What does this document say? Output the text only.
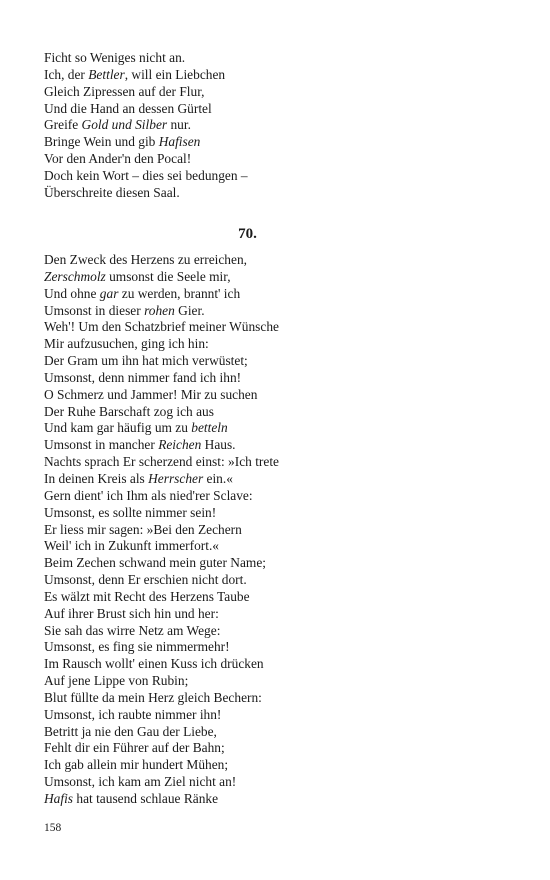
Ficht so Weniges nicht an.
Ich, der Bettler, will ein Liebchen
Gleich Zipressen auf der Flur,
Und die Hand an dessen Gürtel
Greife Gold und Silber nur.
Bringe Wein und gib Hafisen
Vor den Ander'n den Pocal!
Doch kein Wort – dies sei bedungen –
Überschreite diesen Saal.
70.
Den Zweck des Herzens zu erreichen,
Zerschmolz umsonst die Seele mir,
Und ohne gar zu werden, brannt' ich
Umsonst in dieser rohen Gier.
Weh'! Um den Schatzbrief meiner Wünsche
Mir aufzusuchen, ging ich hin:
Der Gram um ihn hat mich verwüstet;
Umsonst, denn nimmer fand ich ihn!
O Schmerz und Jammer! Mir zu suchen
Der Ruhe Barschaft zog ich aus
Und kam gar häufig um zu betteln
Umsonst in mancher Reichen Haus.
Nachts sprach Er scherzend einst: »Ich trete
In deinen Kreis als Herrscher ein.«
Gern dient' ich Ihm als nied'rer Sclave:
Umsonst, es sollte nimmer sein!
Er liess mir sagen: »Bei den Zechern
Weil' ich in Zukunft immerfort.«
Beim Zechen schwand mein guter Name;
Umsonst, denn Er erschien nicht dort.
Es wälzt mit Recht des Herzens Taube
Auf ihrer Brust sich hin und her:
Sie sah das wirre Netz am Wege:
Umsonst, es fing sie nimmermehr!
Im Rausch wollt' einen Kuss ich drücken
Auf jene Lippe von Rubin;
Blut füllte da mein Herz gleich Bechern:
Umsonst, ich raubte nimmer ihn!
Betritt ja nie den Gau der Liebe,
Fehlt dir ein Führer auf der Bahn;
Ich gab allein mir hundert Mühen;
Umsonst, ich kam am Ziel nicht an!
Hafis hat tausend schlaue Ränke
158
